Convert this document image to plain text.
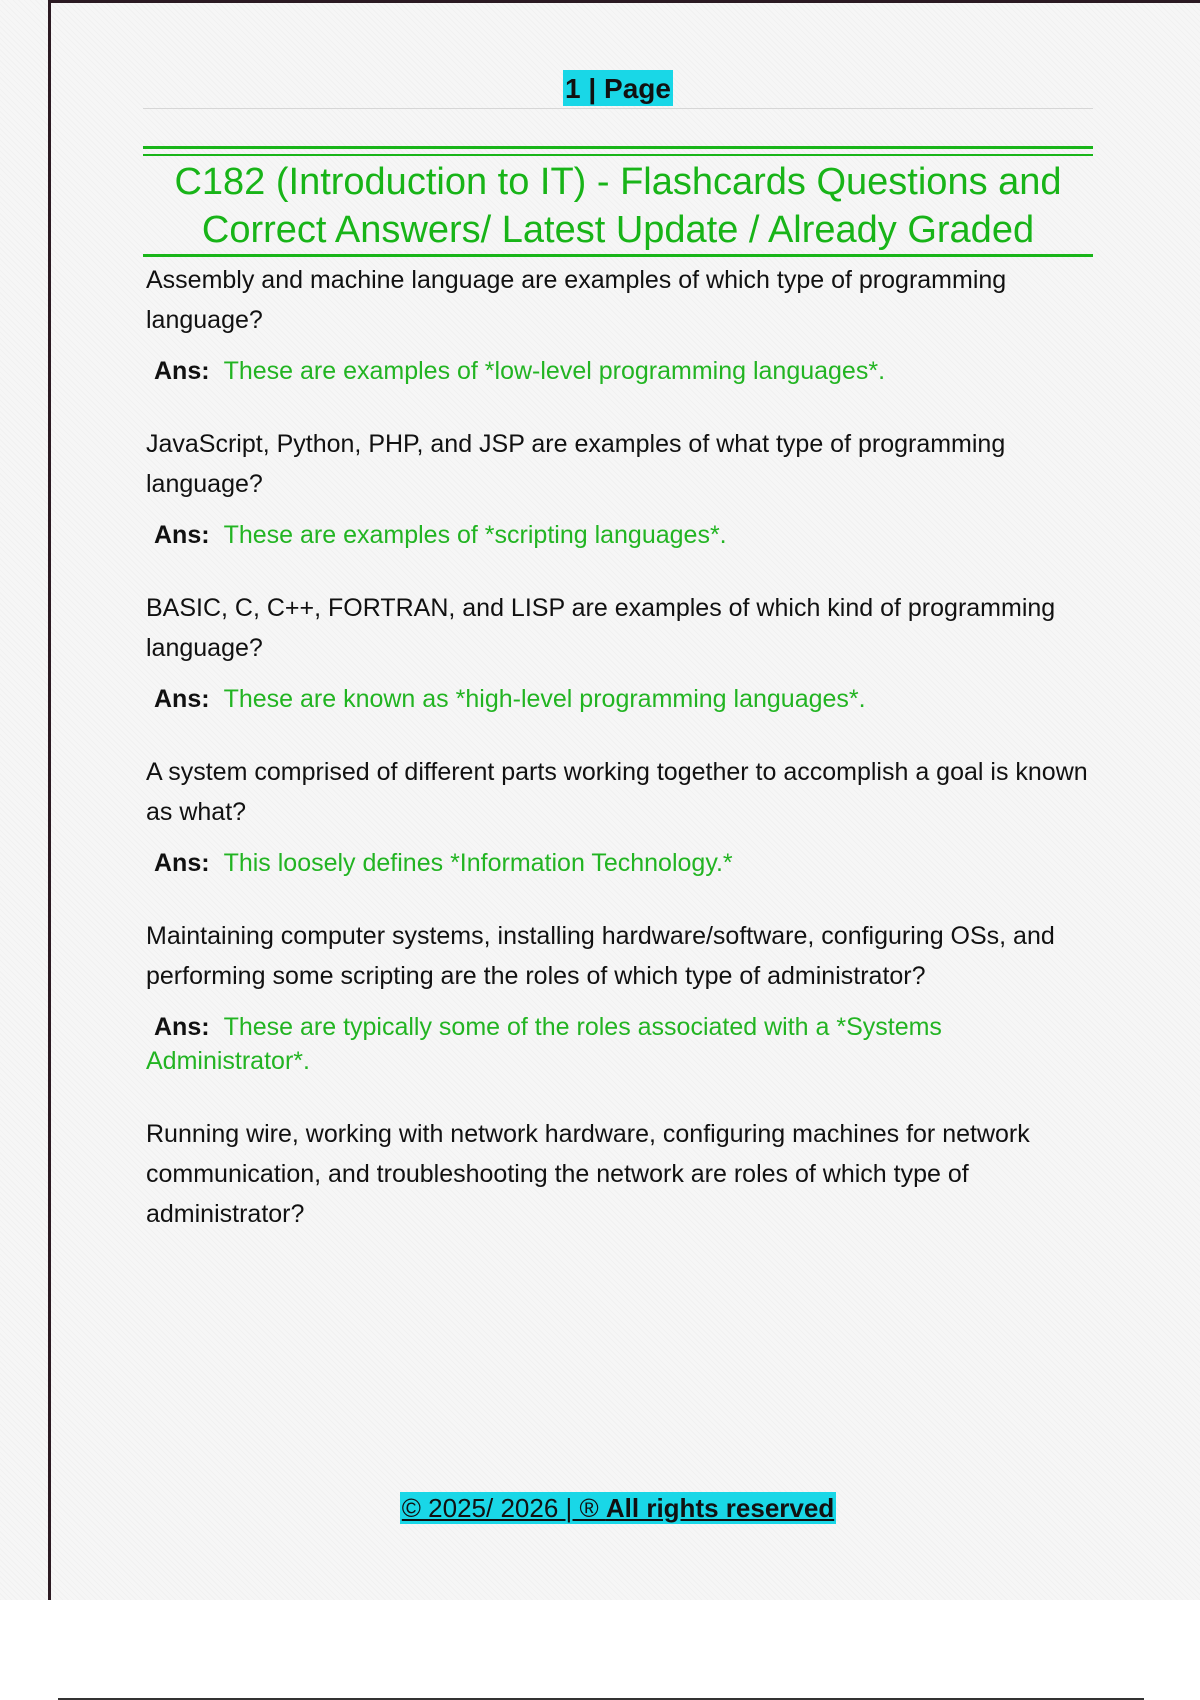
1 | Page
C182 (Introduction to IT) - Flashcards Questions and
Correct Answers/ Latest Update / Already Graded

Assembly and machine language are examples of which type of programming language?

Ans: These are examples of *low-level programming languages*.

JavaScript, Python, PHP, and JSP are examples of what type of programming language?

Ans: These are examples of *scripting languages*.

BASIC, C, C++, FORTRAN, and LISP are examples of which kind of programming language?

Ans: These are known as *high-level programming languages*.

A system comprised of different parts working together to accomplish a goal is known as what?

Ans: This loosely defines *Information Technology.*

Maintaining computer systems, installing hardware/software, configuring OSs, and performing some scripting are the roles of which type of administrator?

Ans: These are typically some of the roles associated with a *Systems Administrator*.

Running wire, working with network hardware, configuring machines for network communication, and troubleshooting the network are roles of which type of administrator?

© 2025/ 2026 | ® All rights reserved
